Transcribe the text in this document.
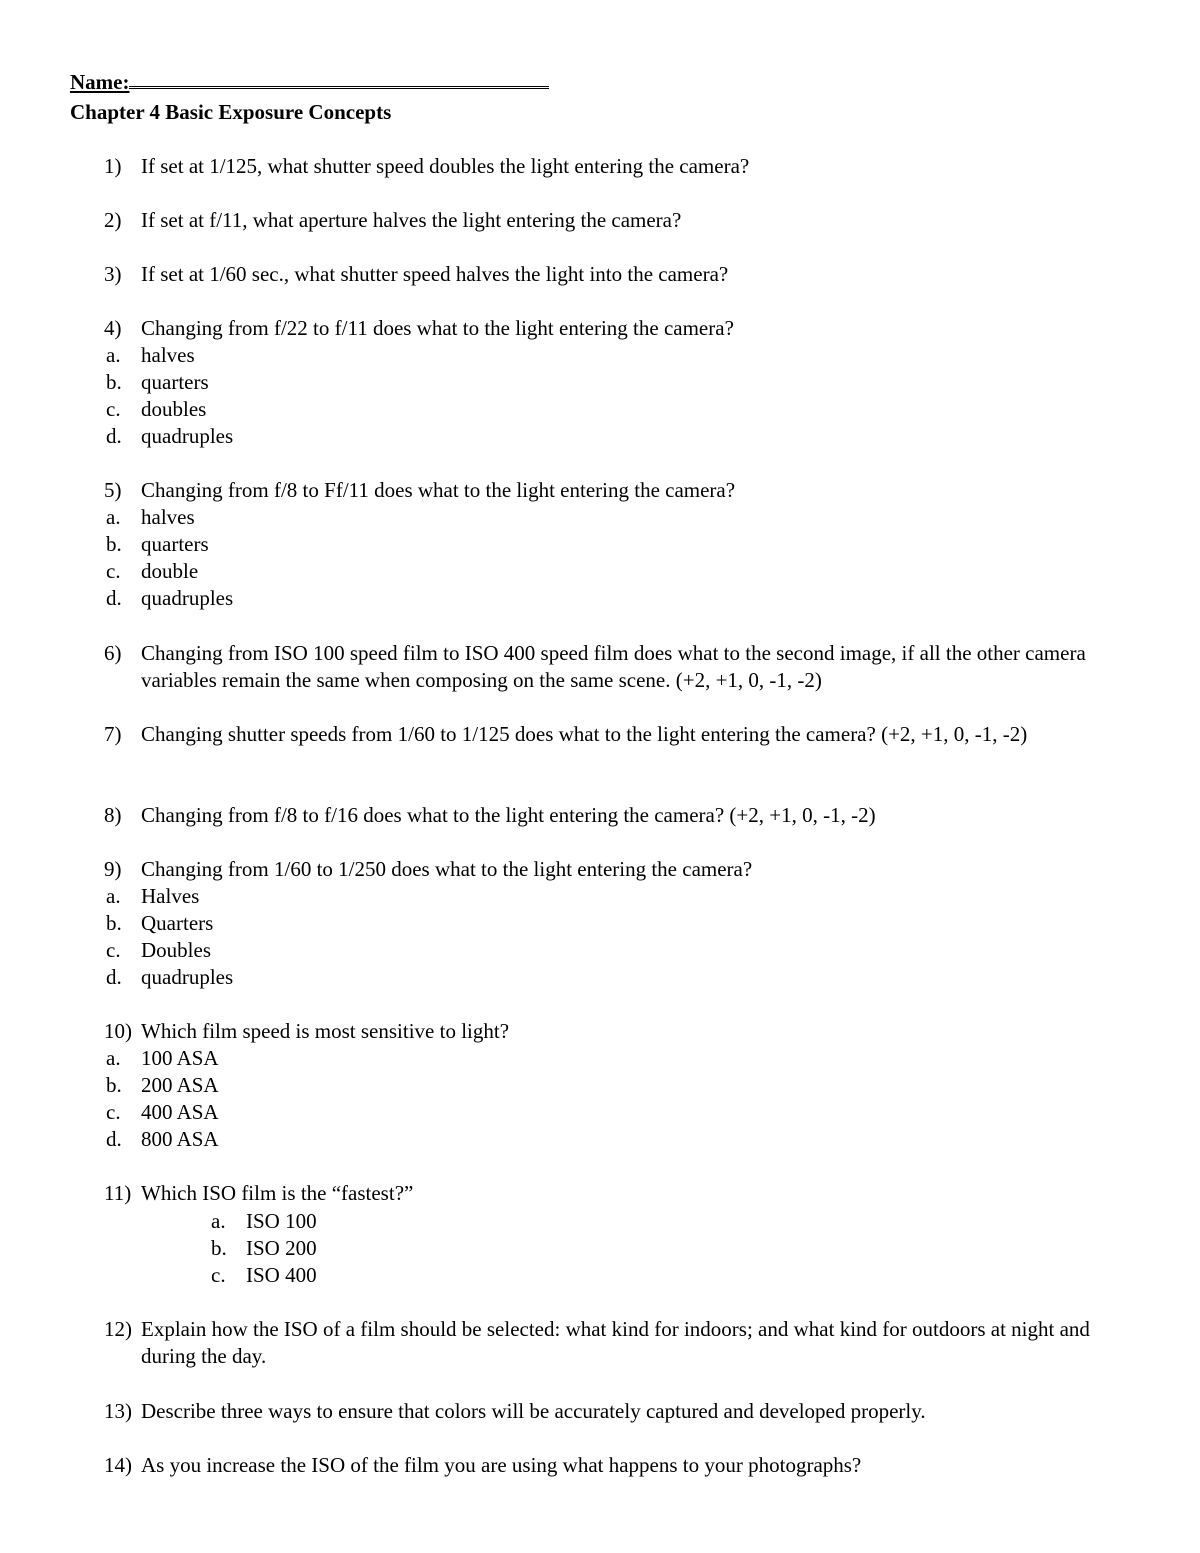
Name:
Chapter 4 Basic Exposure Concepts
1) If set at 1/125, what shutter speed doubles the light entering the camera?
2) If set at f/11, what aperture halves the light entering the camera?
3) If set at 1/60 sec., what shutter speed halves the light into the camera?
4) Changing from f/22 to f/11 does what to the light entering the camera?
a. halves
b. quarters
c. doubles
d. quadruples
5) Changing from f/8 to Ff/11 does what to the light entering the camera?
a. halves
b. quarters
c. double
d. quadruples
6) Changing from ISO 100 speed film to ISO 400 speed film does what to the second image, if all the other camera variables remain the same when composing on the same scene. (+2, +1, 0, -1, -2)
7) Changing shutter speeds from 1/60 to 1/125 does what to the light entering the camera? (+2, +1, 0, -1, -2)
8) Changing from f/8 to f/16 does what to the light entering the camera? (+2, +1, 0, -1, -2)
9) Changing from 1/60 to 1/250 does what to the light entering the camera?
a. Halves
b. Quarters
c. Doubles
d. quadruples
10) Which film speed is most sensitive to light?
a. 100 ASA
b. 200 ASA
c. 400 ASA
d. 800 ASA
11) Which ISO film is the “fastest?”
a. ISO 100
b. ISO 200
c. ISO 400
12) Explain how the ISO of a film should be selected: what kind for indoors; and what kind for outdoors at night and during the day.
13) Describe three ways to ensure that colors will be accurately captured and developed properly.
14) As you increase the ISO of the film you are using what happens to your photographs?
